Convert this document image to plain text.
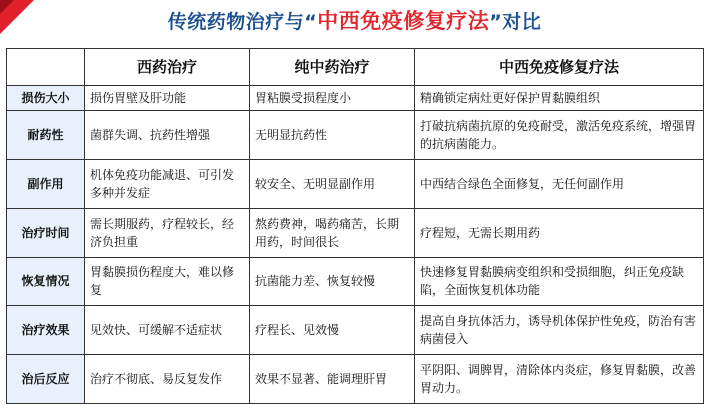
传统药物治疗与“中西免疫修复疗法”对比
	西药治疗	纯中药治疗	中西免疫修复疗法
损伤大小	损伤胃壁及肝功能	胃粘膜受损程度小	精确锁定病灶更好保护胃黏膜组织
耐药性	菌群失调、抗药性增强	无明显抗药性	打破抗病菌抗原的免疫耐受，激活免疫系统，增强胃的抗病菌能力。
副作用	机体免疫功能减退、可引发多种并发症	较安全、无明显副作用	中西结合绿色全面修复，无任何副作用
治疗时间	需长期服药，疗程较长，经济负担重	熬药费神，喝药痛苦，长期用药，时间很长	疗程短，无需长期用药
恢复情况	胃黏膜损伤程度大，难以修复	抗菌能力差、恢复较慢	快速修复胃黏膜病变组织和受损细胞，纠正免疫缺陷，全面恢复机体功能
治疗效果	见效快、可缓解不适症状	疗程长、见效慢	提高自身抗体活力，诱导机体保护性免疫，防治有害病菌侵入
治后反应	治疗不彻底、易反复发作	效果不显著、能调理肝胃	平阴阳、调脾胃，清除体内炎症，修复胃黏膜，改善胃动力。
